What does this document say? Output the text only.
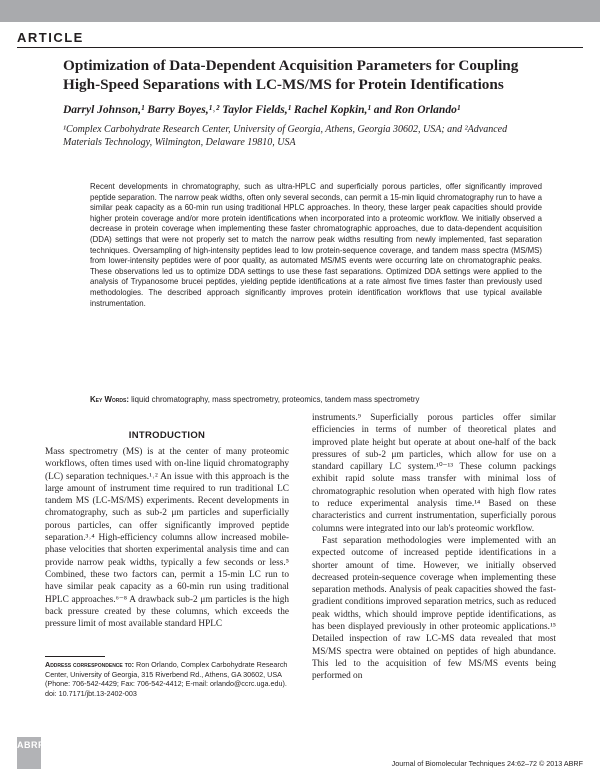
ARTICLE
Optimization of Data-Dependent Acquisition Parameters for Coupling High-Speed Separations with LC-MS/MS for Protein Identifications

Darryl Johnson,¹ Barry Boyes,¹˒² Taylor Fields,¹ Rachel Kopkin,¹ and Ron Orlando¹

¹Complex Carbohydrate Research Center, University of Georgia, Athens, Georgia 30602, USA; and ²Advanced Materials Technology, Wilmington, Delaware 19810, USA

Recent developments in chromatography, such as ultra-HPLC and superficially porous particles, offer significantly improved peptide separation. The narrow peak widths, often only several seconds, can permit a 15-min liquid chromatography run to have a similar peak capacity as a 60-min run using traditional HPLC approaches. In theory, these larger peak capacities should provide higher protein coverage and/or more protein identifications when incorporated into a proteomic workflow. We initially observed a decrease in protein coverage when implementing these faster chromatographic approaches, due to data-dependent acquisition (DDA) settings that were not properly set to match the narrow peak widths resulting from newly implemented, fast separation techniques. Oversampling of high-intensity peptides lead to low protein-sequence coverage, and tandem mass spectra (MS/MS) from lower-intensity peptides were of poor quality, as automated MS/MS events were occurring late on chromatographic peaks. These observations led us to optimize DDA settings to use these fast separations. Optimized DDA settings were applied to the analysis of Trypanosome brucei peptides, yielding peptide identifications at a rate almost five times faster than previously used methodologies. The described approach significantly improves protein identification workflows that use typical available instrumentation.

Key Words: liquid chromatography, mass spectrometry, proteomics, tandem mass spectrometry

INTRODUCTION

Mass spectrometry (MS) is at the center of many proteomic workflows, often times used with on-line liquid chromatography (LC) separation techniques.¹˒² An issue with this approach is the large amount of instrument time required to run traditional LC tandem MS (LC-MS/MS) experiments. Recent developments in chromatography, such as sub-2 μm particles and superficially porous particles, can offer significantly improved peptide separation.³˒⁴ High-efficiency columns allow increased mobile-phase velocities that shorten experimental analysis time and can provide narrow peak widths, typically a few seconds or less.⁵ Combined, these two factors can, permit a 15-min LC run to have similar peak capacity as a 60-min run using traditional HPLC approaches.⁶⁻⁸ A drawback sub-2 μm particles is the high back pressure created by these columns, which exceeds the pressure limit of most available standard HPLC

instruments.⁹ Superficially porous particles offer similar efficiencies in terms of number of theoretical plates and improved plate height but operate at about one-half of the back pressures of sub-2 μm particles, which allow for use on a standard capillary LC system.¹⁰⁻¹³ These column packings exhibit rapid solute mass transfer with minimal loss of chromatographic resolution when operated with high flow rates to reduce experimental analysis time.¹⁴ Based on these characteristics and current instrumentation, superficially porous columns were integrated into our lab's proteomic workflow.

Fast separation methodologies were implemented with an expected outcome of increased peptide identifications in a shorter amount of time. However, we initially observed decreased protein-sequence coverage when implementing these separation methods. Analysis of peak capacities showed the fast-gradient conditions improved separation metrics, such as reduced peak widths, which should improve peptide identifications, as has been displayed previously in other proteomic applications.¹⁵ Detailed inspection of raw LC-MS data revealed that most MS/MS spectra were obtained on peptides of high abundance. This led to the acquisition of few MS/MS events being performed on

Address correspondence to: Ron Orlando, Complex Carbohydrate Research Center, University of Georgia, 315 Riverbend Rd., Athens, GA 30602, USA (Phone: 706-542-4429; Fax: 706-542-4412; E-mail: orlando@ccrc.uga.edu).
doi: 10.7171/jbt.13-2402-003

ABRF
Journal of Biomolecular Techniques 24:62–72 © 2013 ABRF
